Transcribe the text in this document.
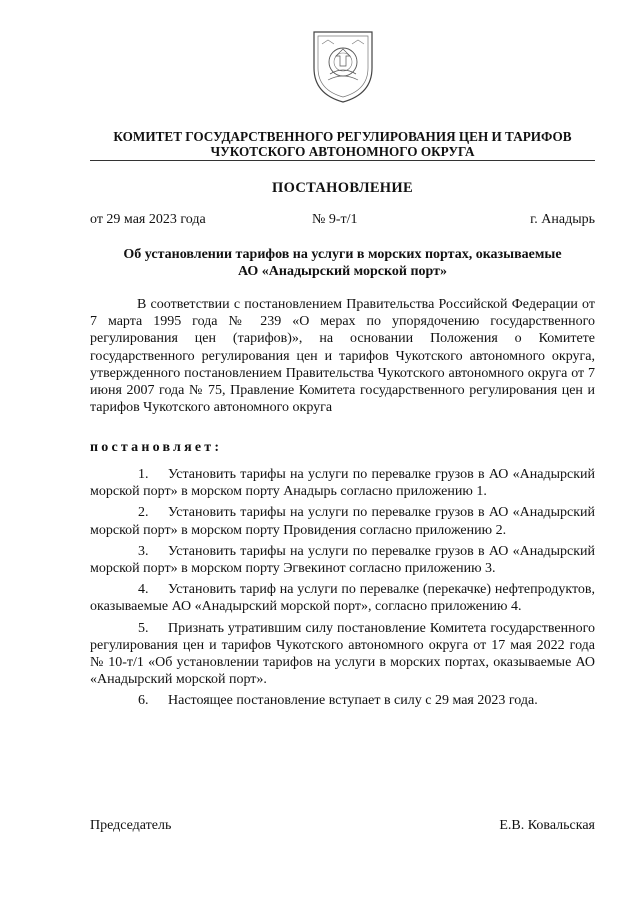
КОМИТЕТ ГОСУДАРСТВЕННОГО РЕГУЛИРОВАНИЯ ЦЕН И ТАРИФОВ
ЧУКОТСКОГО АВТОНОМНОГО ОКРУГА
ПОСТАНОВЛЕНИЕ
от 29 мая 2023 года	№ 9-т/1	г. Анадырь
Об установлении тарифов на услуги в морских портах, оказываемые
АО «Анадырский морской порт»

В соответствии с постановлением Правительства Российской Федерации от 7 марта 1995 года № 239 «О мерах по упорядочению государственного регулирования цен (тарифов)», на основании Положения о Комитете государственного регулирования цен и тарифов Чукотского автономного округа, утвержденного постановлением Правительства Чукотского автономного округа от 7 июня 2007 года № 75, Правление Комитета государственного регулирования цен и тарифов Чукотского автономного округа

постановляет:
1. Установить тарифы на услуги по перевалке грузов в АО «Анадырский морской порт» в морском порту Анадырь согласно приложению 1.
2. Установить тарифы на услуги по перевалке грузов в АО «Анадырский морской порт» в морском порту Провидения согласно приложению 2.
3. Установить тарифы на услуги по перевалке грузов в АО «Анадырский морской порт» в морском порту Эгвекинот согласно приложению 3.
4. Установить тариф на услуги по перевалке (перекачке) нефтепродуктов, оказываемые АО «Анадырский морской порт», согласно приложению 4.
5. Признать утратившим силу постановление Комитета государственного регулирования цен и тарифов Чукотского автономного округа от 17 мая 2022 года № 10-т/1 «Об установлении тарифов на услуги в морских портах, оказываемые АО «Анадырский морской порт».
6. Настоящее постановление вступает в силу с 29 мая 2023 года.
Председатель	Е.В. Ковальская
